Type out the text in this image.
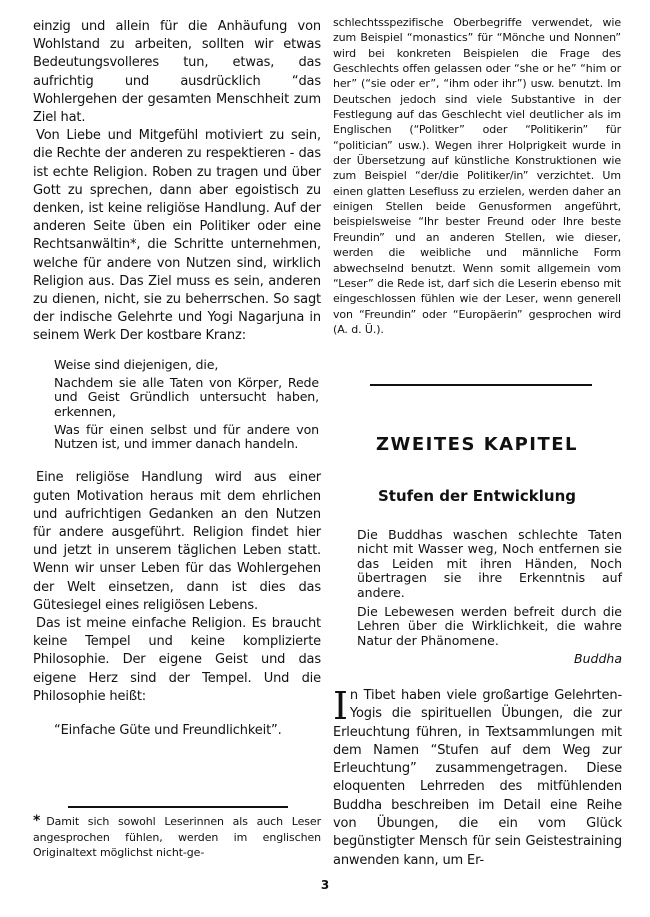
einzig und allein für die Anhäufung von Wohlstand zu arbeiten, sollten wir etwas Bedeutungsvolleres tun, etwas, das aufrichtig und ausdrücklich “das Wohlergehen der gesamten Menschheit zum Ziel hat.

Von Liebe und Mitgefühl motiviert zu sein, die Rechte der anderen zu respektieren - das ist echte Religion. Roben zu tragen und über Gott zu sprechen, dann aber egoistisch zu denken, ist keine religiöse Handlung. Auf der anderen Seite üben ein Politiker oder eine Rechtsanwältin*, die Schritte unternehmen, welche für andere von Nutzen sind, wirklich Religion aus. Das Ziel muss es sein, anderen zu dienen, nicht, sie zu beherrschen. So sagt der indische Gelehrte und Yogi Nagarjuna in seinem Werk Der kostbare Kranz:

Weise sind diejenigen, die,
Nachdem sie alle Taten von Körper, Rede und Geist Gründlich untersucht haben, erkennen,
Was für einen selbst und für andere von Nutzen ist, und immer danach handeln.

Eine religiöse Handlung wird aus einer guten Motivation heraus mit dem ehrlichen und aufrichtigen Gedanken an den Nutzen für andere ausgeführt. Religion findet hier und jetzt in unserem täglichen Leben statt. Wenn wir unser Leben für das Wohlergehen der Welt einsetzen, dann ist dies das Gütesiegel eines religiösen Lebens.

Das ist meine einfache Religion. Es braucht keine Tempel und keine komplizierte Philosophie. Der eigene Geist und das eigene Herz sind der Tempel. Und die Philosophie heißt:

“Einfache Güte und Freundlichkeit”.
* Damit sich sowohl Leserinnen als auch Leser angesprochen fühlen, werden im englischen Originaltext möglichst nicht-ge-

schlechtsspezifische Oberbegriffe verwendet, wie zum Beispiel “monastics” für “Mönche und Nonnen” wird bei konkreten Beispielen die Frage des Geschlechts offen gelassen oder “she or he” “him or her” (“sie oder er”, “ihm oder ihr”) usw. benutzt. Im Deutschen jedoch sind viele Substantive in der Festlegung auf das Geschlecht viel deutlicher als im Englischen (“Politker” oder “Politikerin” für “politician” usw.). Wegen ihrer Holprigkeit wurde in der Übersetzung auf künstliche Konstruktionen wie zum Beispiel “der/die Politiker/in” verzichtet. Um einen glatten Lesefluss zu erzielen, werden daher an einigen Stellen beide Genusformen angeführt, beispielsweise “Ihr bester Freund oder Ihre beste Freundin” und an anderen Stellen, wie dieser, werden die weibliche und männliche Form abwechselnd benutzt. Wenn somit allgemein vom “Leser” die Rede ist, darf sich die Leserin ebenso mit eingeschlossen fühlen wie der Leser, wenn generell von “Freundin” oder “Europäerin” gesprochen wird (A. d. Ü.).

ZWEITES KAPITEL
Stufen der Entwicklung

Die Buddhas waschen schlechte Taten nicht mit Wasser weg, Noch entfernen sie das Leiden mit ihren Händen, Noch übertragen sie ihre Erkenntnis auf andere.

Die Lebewesen werden befreit durch die Lehren über die Wirklichkeit, die wahre Natur der Phänomene.

Buddha

In Tibet haben viele großartige Gelehrten-Yogis die spirituellen Übungen, die zur Erleuchtung führen, in Textsammlungen mit dem Namen “Stufen auf dem Weg zur Erleuchtung” zusammengetragen. Diese eloquenten Lehrreden des mitfühlenden Buddha beschreiben im Detail eine Reihe von Übungen, die ein vom Glück begünstigter Mensch für sein Geistestraining anwenden kann, um Er-

3
